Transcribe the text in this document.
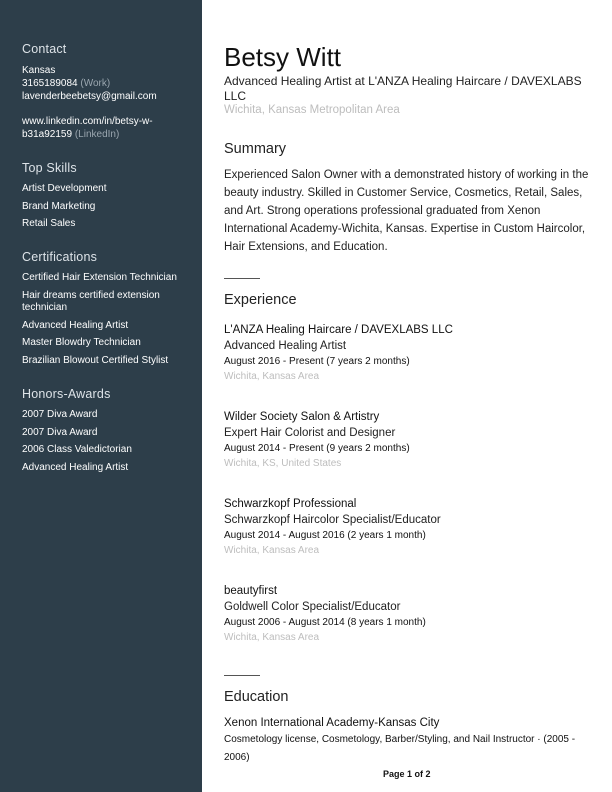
Contact
Kansas
3165189084 (Work)
lavenderbeebetsy@gmail.com
www.linkedin.com/in/betsy-w-
b31a92159 (LinkedIn)
Top Skills
Artist Development
Brand Marketing
Retail Sales
Certifications
Certified Hair Extension Technician
Hair dreams certified extension technician
Advanced Healing Artist
Master Blowdry Technician
Brazilian Blowout Certified Stylist
Honors-Awards
2007 Diva Award
2007 Diva Award
2006 Class Valedictorian
Advanced Healing Artist
Betsy Witt
Advanced Healing Artist at L'ANZA Healing Haircare / DAVEXLABS LLC
Wichita, Kansas Metropolitan Area
Summary
Experienced Salon Owner with a demonstrated history of working in the beauty industry. Skilled in Customer Service, Cosmetics, Retail, Sales, and Art. Strong operations professional graduated from Xenon International Academy-Wichita, Kansas. Expertise in Custom Haircolor, Hair Extensions, and Education.
Experience
L'ANZA Healing Haircare / DAVEXLABS LLC
Advanced Healing Artist
August 2016 - Present (7 years 2 months)
Wichita, Kansas Area
Wilder Society Salon & Artistry
Expert Hair Colorist and Designer
August 2014 - Present (9 years 2 months)
Wichita, KS, United States
Schwarzkopf Professional
Schwarzkopf Haircolor Specialist/Educator
August 2014 - August 2016 (2 years 1 month)
Wichita, Kansas Area
beautyfirst
Goldwell Color Specialist/Educator
August 2006 - August 2014 (8 years 1 month)
Wichita, Kansas Area
Education
Xenon International Academy-Kansas City
Cosmetology license, Cosmetology, Barber/Styling, and Nail Instructor · (2005 - 2006)
Page 1 of 2
